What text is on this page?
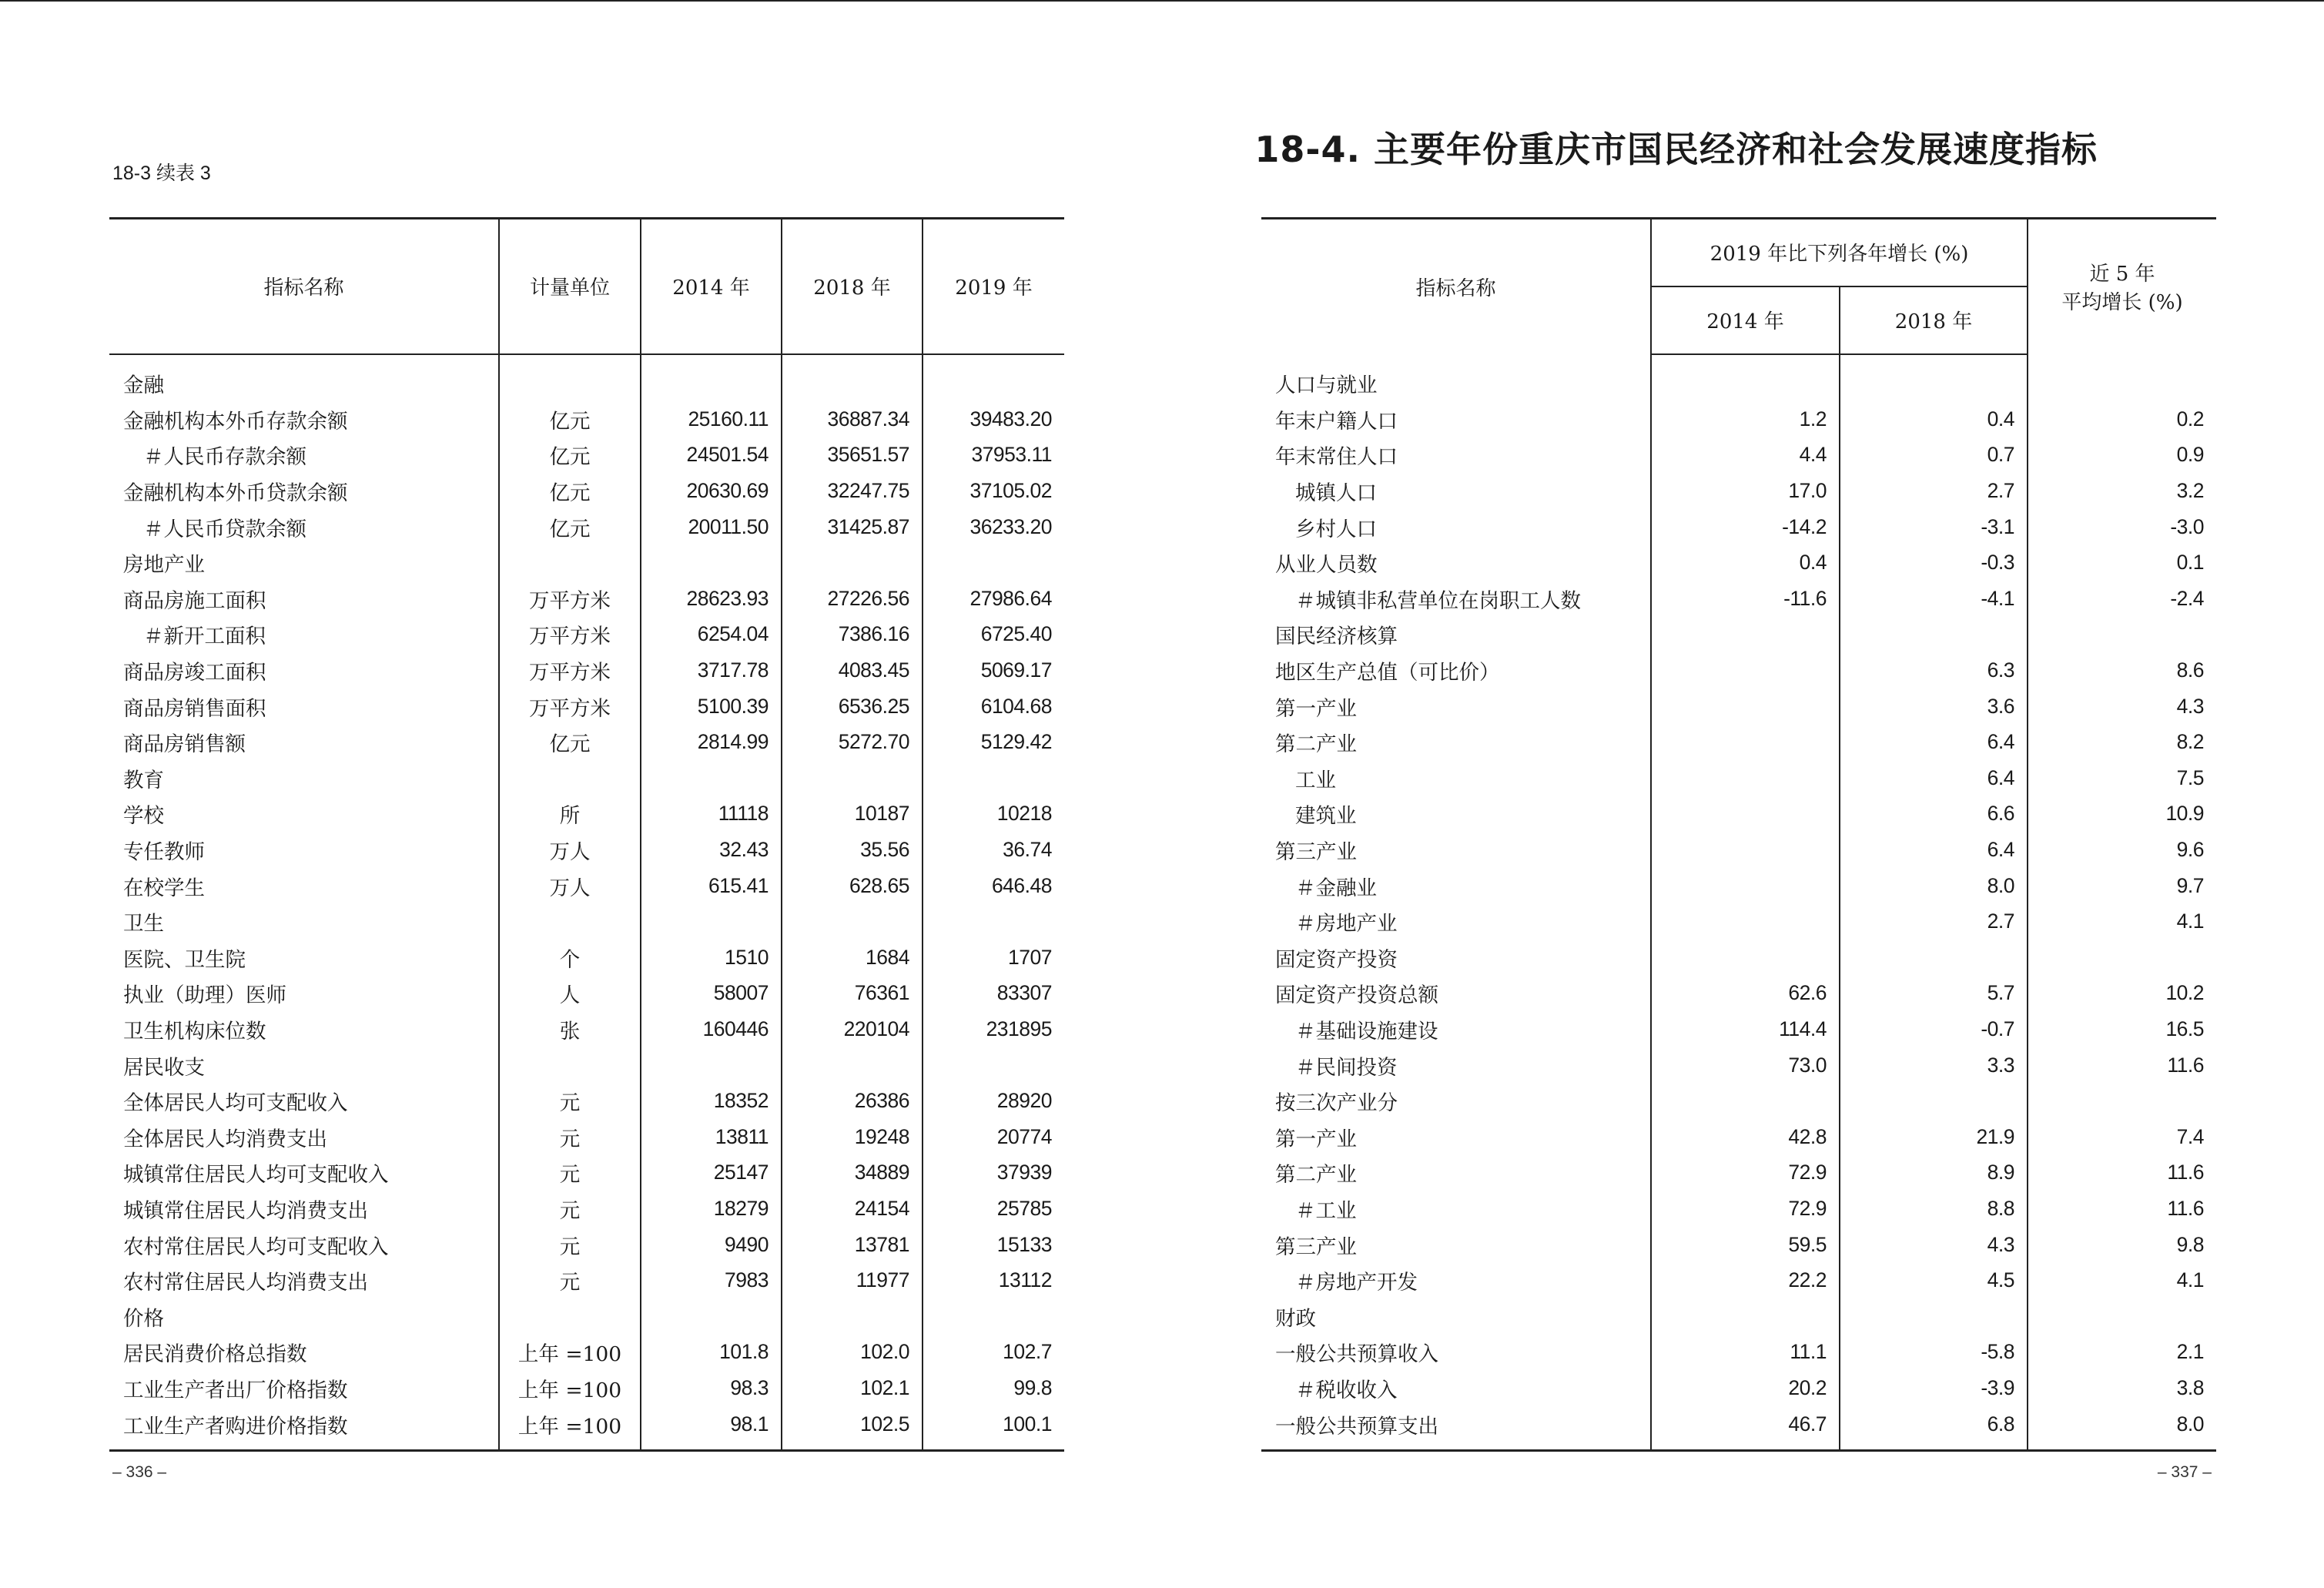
18-3 续表 3
指标名称	计量单位	2014 年	2018 年	2019 年

金融				
金融机构本外币存款余额	亿元	25160.11	36887.34	39483.20
＃人民币存款余额	亿元	24501.54	35651.57	37953.11
金融机构本外币贷款余额	亿元	20630.69	32247.75	37105.02
＃人民币贷款余额	亿元	20011.50	31425.87	36233.20
房地产业				
商品房施工面积	万平方米	28623.93	27226.56	27986.64
＃新开工面积	万平方米	6254.04	7386.16	6725.40
商品房竣工面积	万平方米	3717.78	4083.45	5069.17
商品房销售面积	万平方米	5100.39	6536.25	6104.68
商品房销售额	亿元	2814.99	5272.70	5129.42
教育				
学校	所	11118	10187	10218
专任教师	万人	32.43	35.56	36.74
在校学生	万人	615.41	628.65	646.48
卫生				
医院、卫生院	个	1510	1684	1707
执业（助理）医师	人	58007	76361	83307
卫生机构床位数	张	160446	220104	231895
居民收支				
全体居民人均可支配收入	元	18352	26386	28920
全体居民人均消费支出	元	13811	19248	20774
城镇常住居民人均可支配收入	元	25147	34889	37939
城镇常住居民人均消费支出	元	18279	24154	25785
农村常住居民人均可支配收入	元	9490	13781	15133
农村常住居民人均消费支出	元	7983	11977	13112
价格				
居民消费价格总指数	上年 =100	101.8	102.0	102.7
工业生产者出厂价格指数	上年 =100	98.3	102.1	99.8
工业生产者购进价格指数	上年 =100	98.1	102.5	100.1

– 336 –
18-4. 主要年份重庆市国民经济和社会发展速度指标
指标名称	2019 年比下列各年增长 (%)		近 5 年
平均增长 (%)

	2014 年	2018 年	

人口与就业			
年末户籍人口	1.2	0.4	0.2
年末常住人口	4.4	0.7	0.9
城镇人口	17.0	2.7	3.2
乡村人口	-14.2	-3.1	-3.0
从业人员数	0.4	-0.3	0.1
＃城镇非私营单位在岗职工人数	-11.6	-4.1	-2.4
国民经济核算			
地区生产总值（可比价）		6.3	8.6
第一产业		3.6	4.3
第二产业		6.4	8.2
工业		6.4	7.5
建筑业		6.6	10.9
第三产业		6.4	9.6
＃金融业		8.0	9.7
＃房地产业		2.7	4.1
固定资产投资			
固定资产投资总额	62.6	5.7	10.2
＃基础设施建设	114.4	-0.7	16.5
＃民间投资	73.0	3.3	11.6
按三次产业分			
第一产业	42.8	21.9	7.4
第二产业	72.9	8.9	11.6
＃工业	72.9	8.8	11.6
第三产业	59.5	4.3	9.8
＃房地产开发	22.2	4.5	4.1
财政			
一般公共预算收入	11.1	-5.8	2.1
＃税收收入	20.2	-3.9	3.8
一般公共预算支出	46.7	6.8	8.0

– 337 –
